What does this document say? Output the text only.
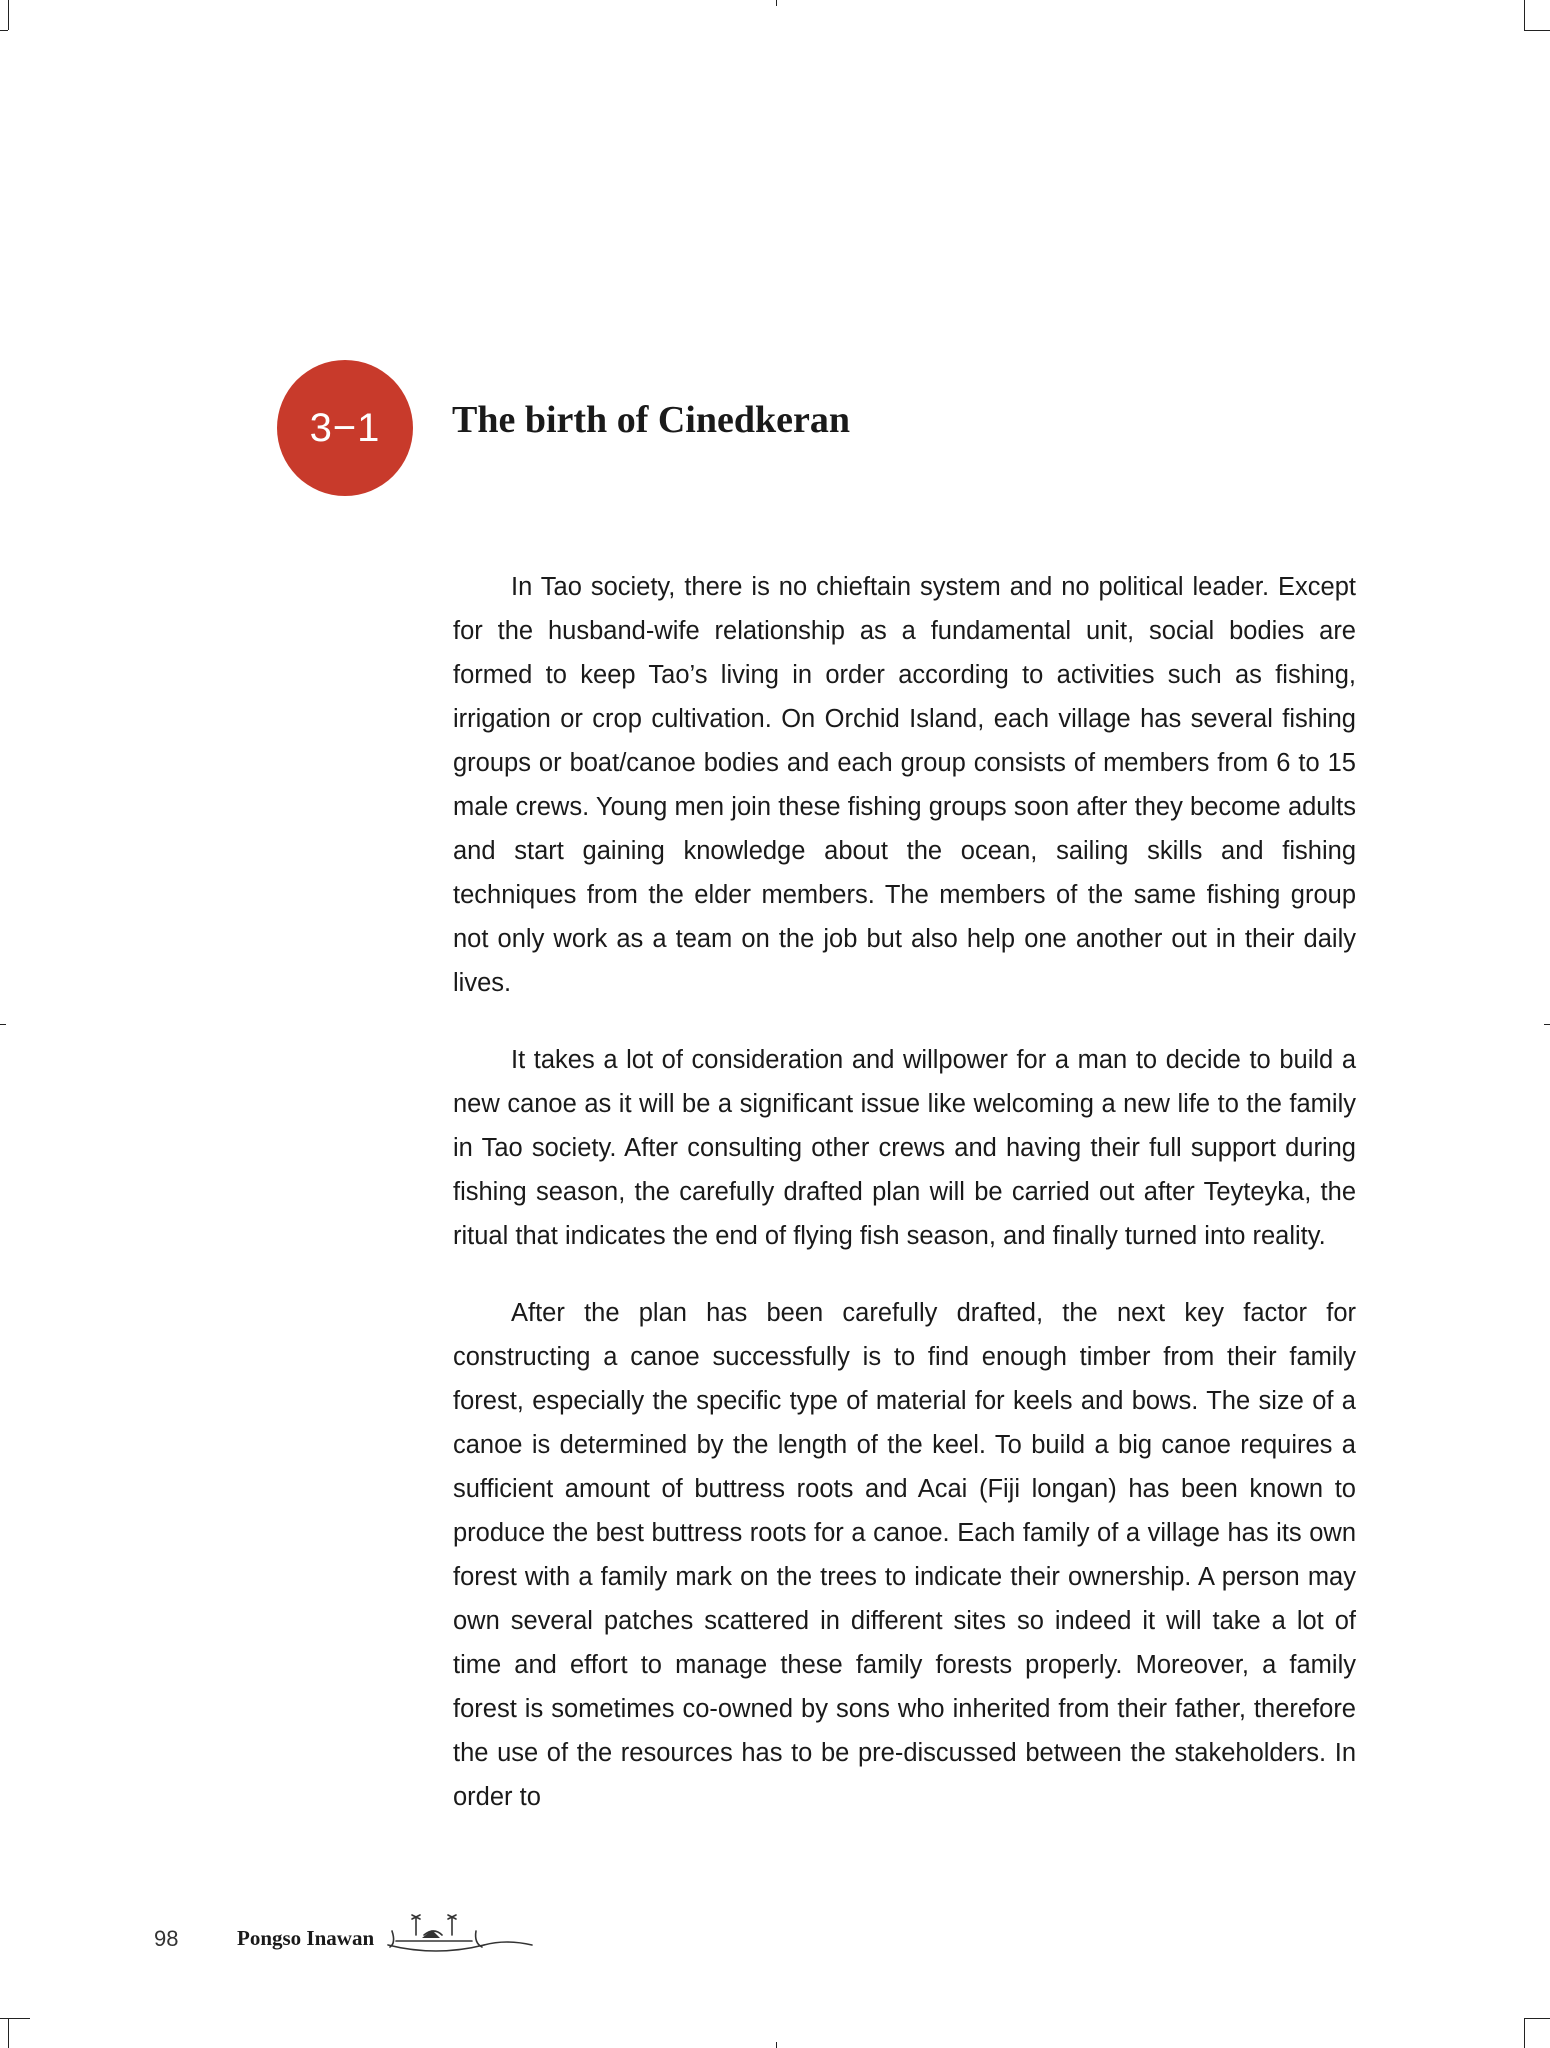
3−1 The birth of Cinedkeran

In Tao society, there is no chieftain system and no political leader. Except for the husband-wife relationship as a fundamental unit, social bodies are formed to keep Tao’s living in order according to activities such as fishing, irrigation or crop cultivation. On Orchid Island, each village has several fishing groups or boat/canoe bodies and each group consists of members from 6 to 15 male crews. Young men join these fishing groups soon after they become adults and start gaining knowledge about the ocean, sailing skills and fishing techniques from the elder members. The members of the same fishing group not only work as a team on the job but also help one another out in their daily lives.

It takes a lot of consideration and willpower for a man to decide to build a new canoe as it will be a significant issue like welcoming a new life to the family in Tao society. After consulting other crews and having their full support during fishing season, the carefully drafted plan will be carried out after Teyteyka, the ritual that indicates the end of flying fish season, and finally turned into reality.

After the plan has been carefully drafted, the next key factor for constructing a canoe successfully is to find enough timber from their family forest, especially the specific type of material for keels and bows. The size of a canoe is determined by the length of the keel. To build a big canoe requires a sufficient amount of buttress roots and Acai (Fiji longan) has been known to produce the best buttress roots for a canoe. Each family of a village has its own forest with a family mark on the trees to indicate their ownership. A person may own several patches scattered in different sites so indeed it will take a lot of time and effort to manage these family forests properly. Moreover, a family forest is sometimes co-owned by sons who inherited from their father, therefore the use of the resources has to be pre-discussed between the stakeholders. In order to

98	Pongso Inawan
